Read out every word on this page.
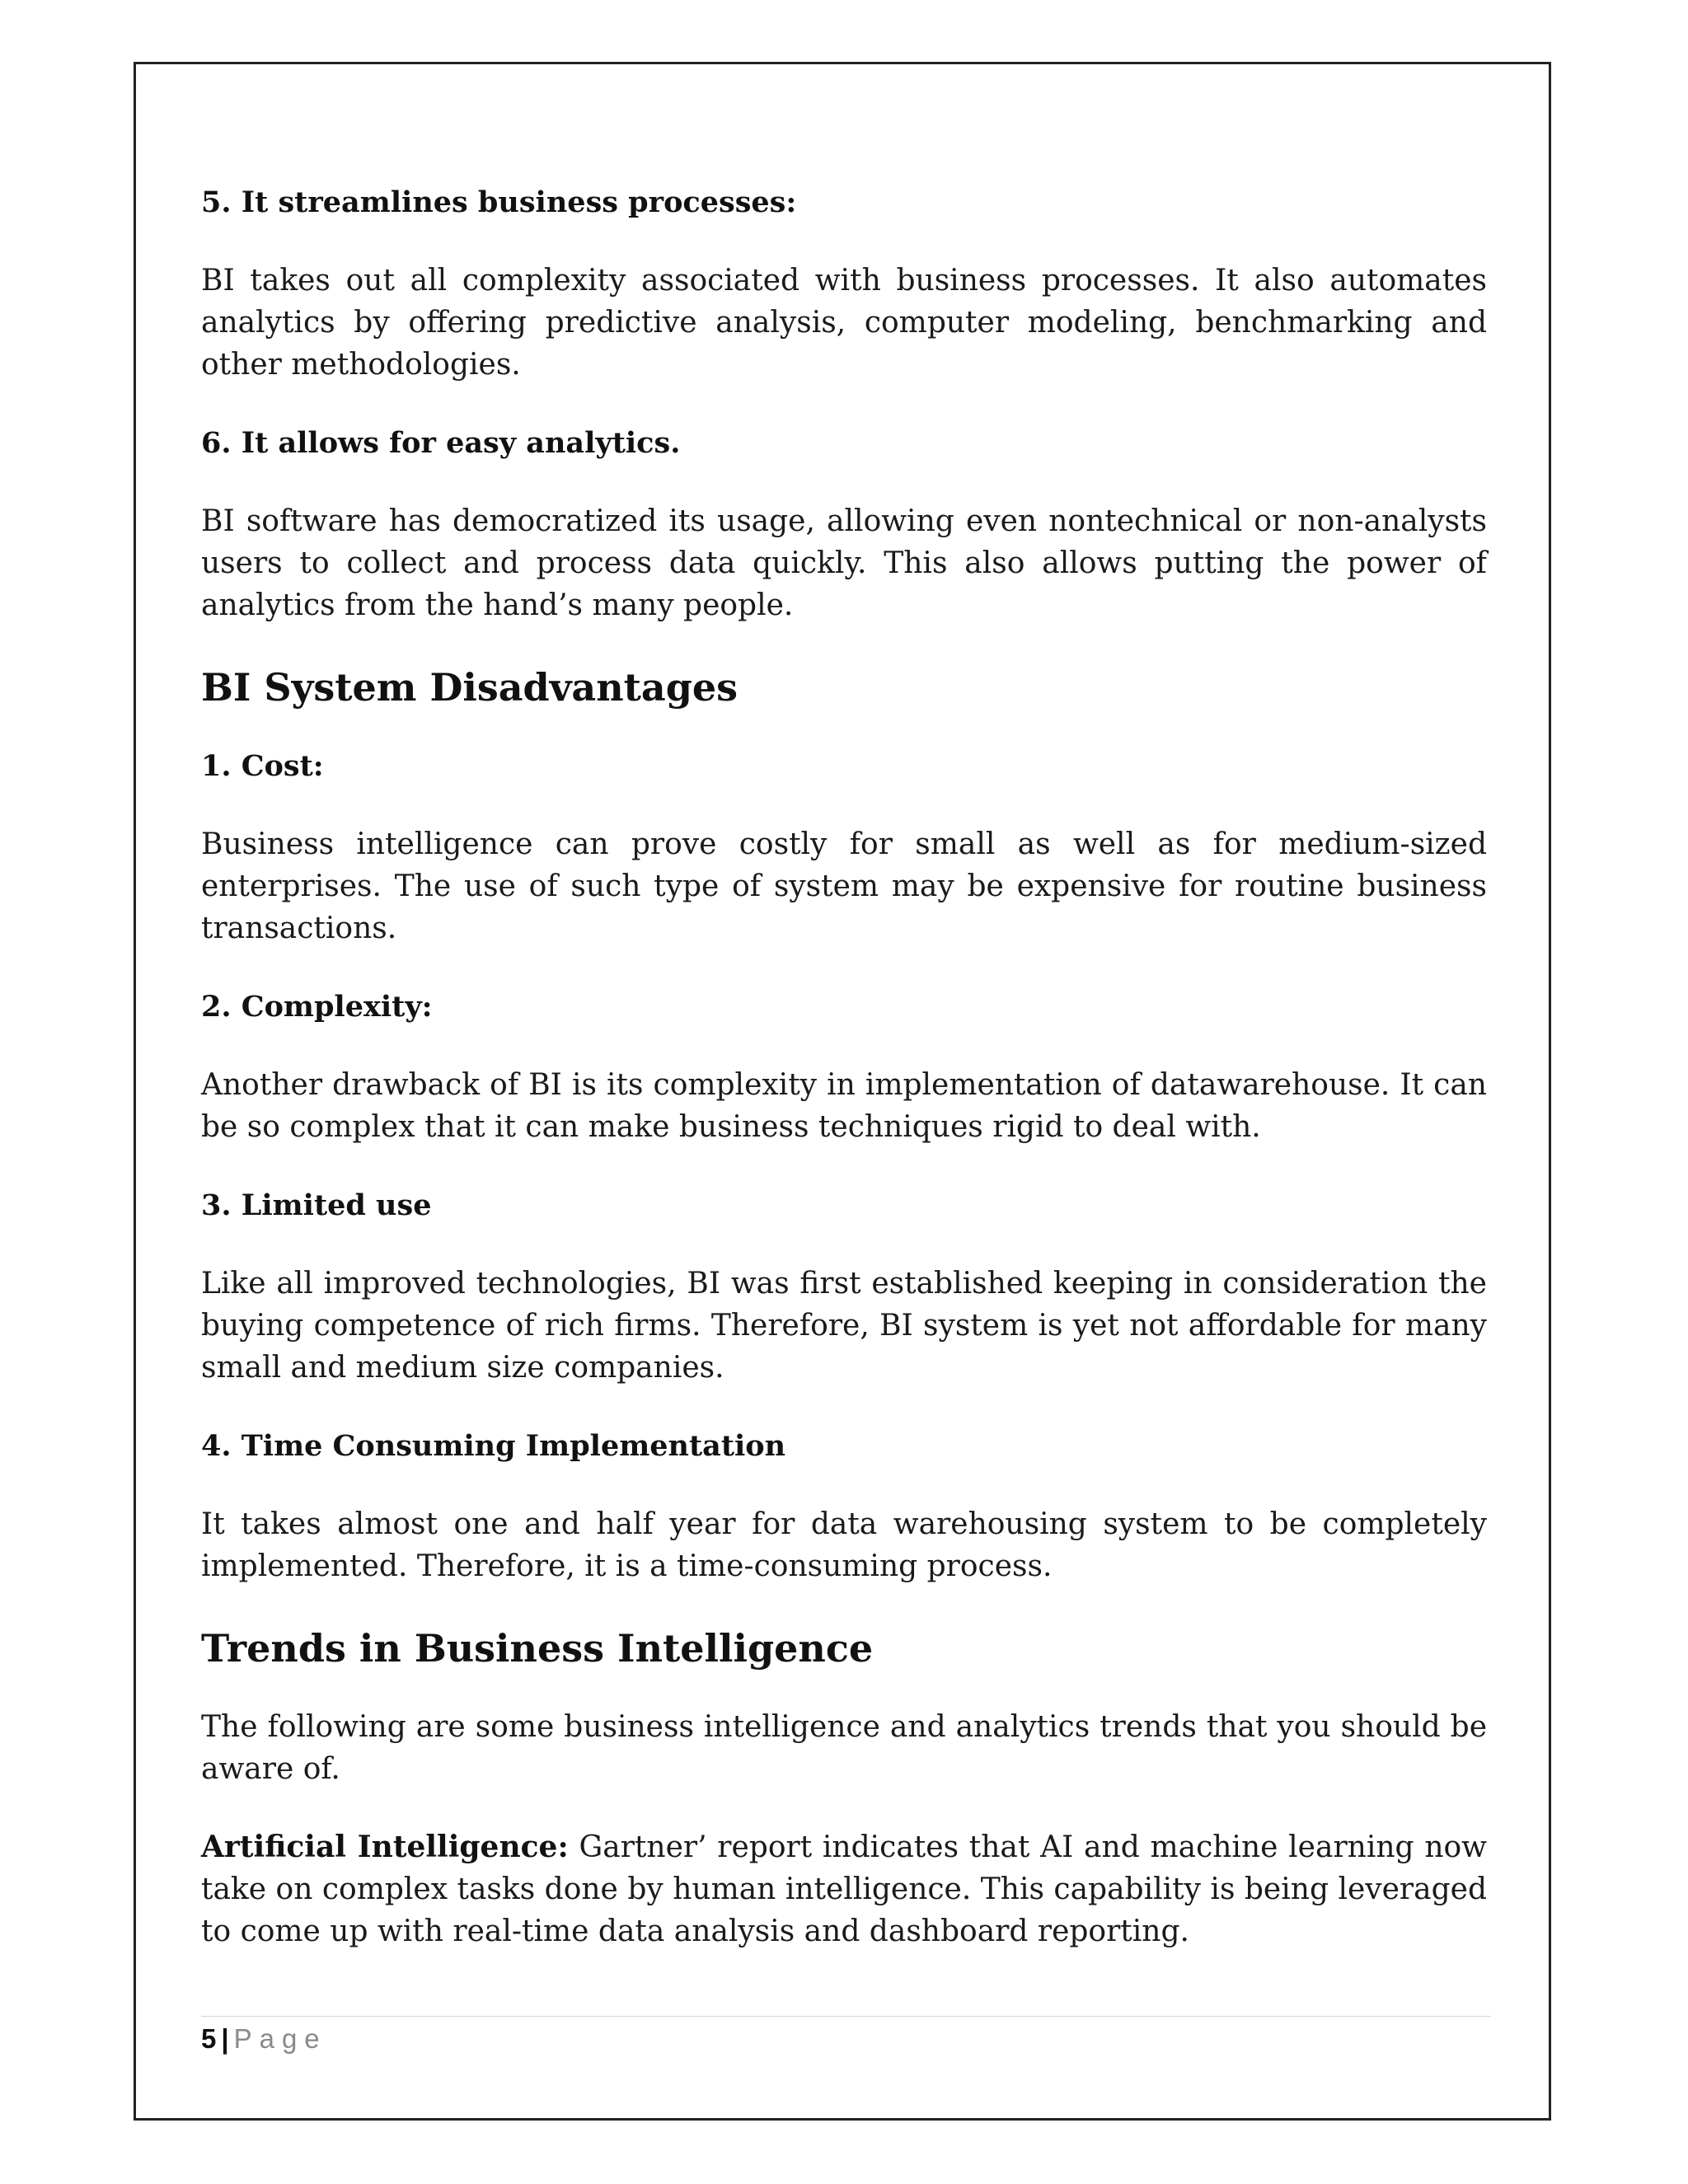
5. It streamlines business processes:

BI takes out all complexity associated with business processes. It also automates analytics by offering predictive analysis, computer modeling, benchmarking and other methodologies.

6. It allows for easy analytics.

BI software has democratized its usage, allowing even nontechnical or non-analysts users to collect and process data quickly. This also allows putting the power of analytics from the hand’s many people.

BI System Disadvantages
1. Cost:

Business intelligence can prove costly for small as well as for medium-sized enterprises. The use of such type of system may be expensive for routine business transactions.

2. Complexity:

Another drawback of BI is its complexity in implementation of datawarehouse. It can be so complex that it can make business techniques rigid to deal with.

3. Limited use

Like all improved technologies, BI was first established keeping in consideration the buying competence of rich firms. Therefore, BI system is yet not affordable for many small and medium size companies.

4. Time Consuming Implementation

It takes almost one and half year for data warehousing system to be completely implemented. Therefore, it is a time-consuming process.

Trends in Business Intelligence

The following are some business intelligence and analytics trends that you should be aware of.

Artificial Intelligence: Gartner’ report indicates that AI and machine learning now take on complex tasks done by human intelligence. This capability is being leveraged to come up with real-time data analysis and dashboard reporting.

5 | Page
